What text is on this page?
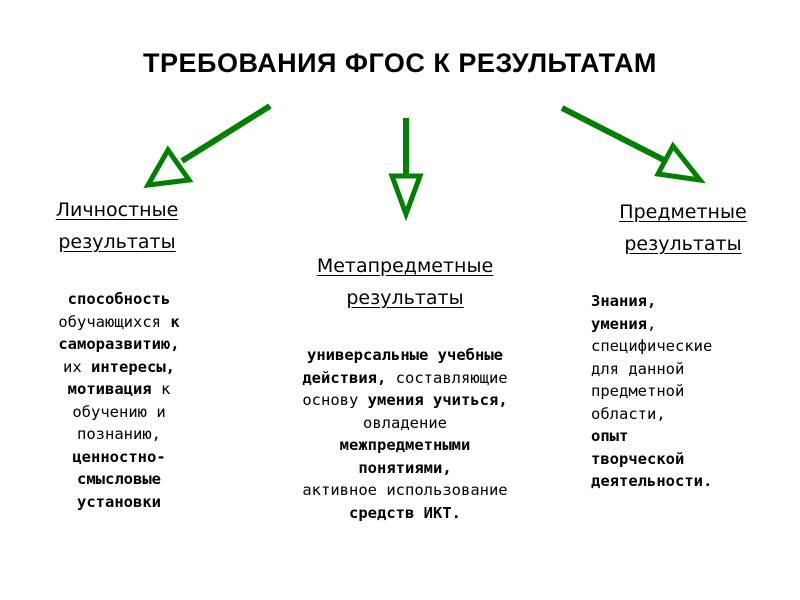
ТРЕБОВАНИЯ ФГОС К РЕЗУЛЬТАТАМ
Личностные
результаты
способность
обучающихся к
саморазвитию,
их интересы,
мотивация к
обучению и
познанию,
ценностно-
смысловые
установки
Метапредметные
результаты
универсальные учебные
действия, составляющие
основу умения учиться,
овладение
межпредметными
понятиями,
активное использование
средств ИКТ.
Предметные
результаты
Знания,
умения,
специфические
для данной
предметной
области,
опыт
творческой
деятельности.
